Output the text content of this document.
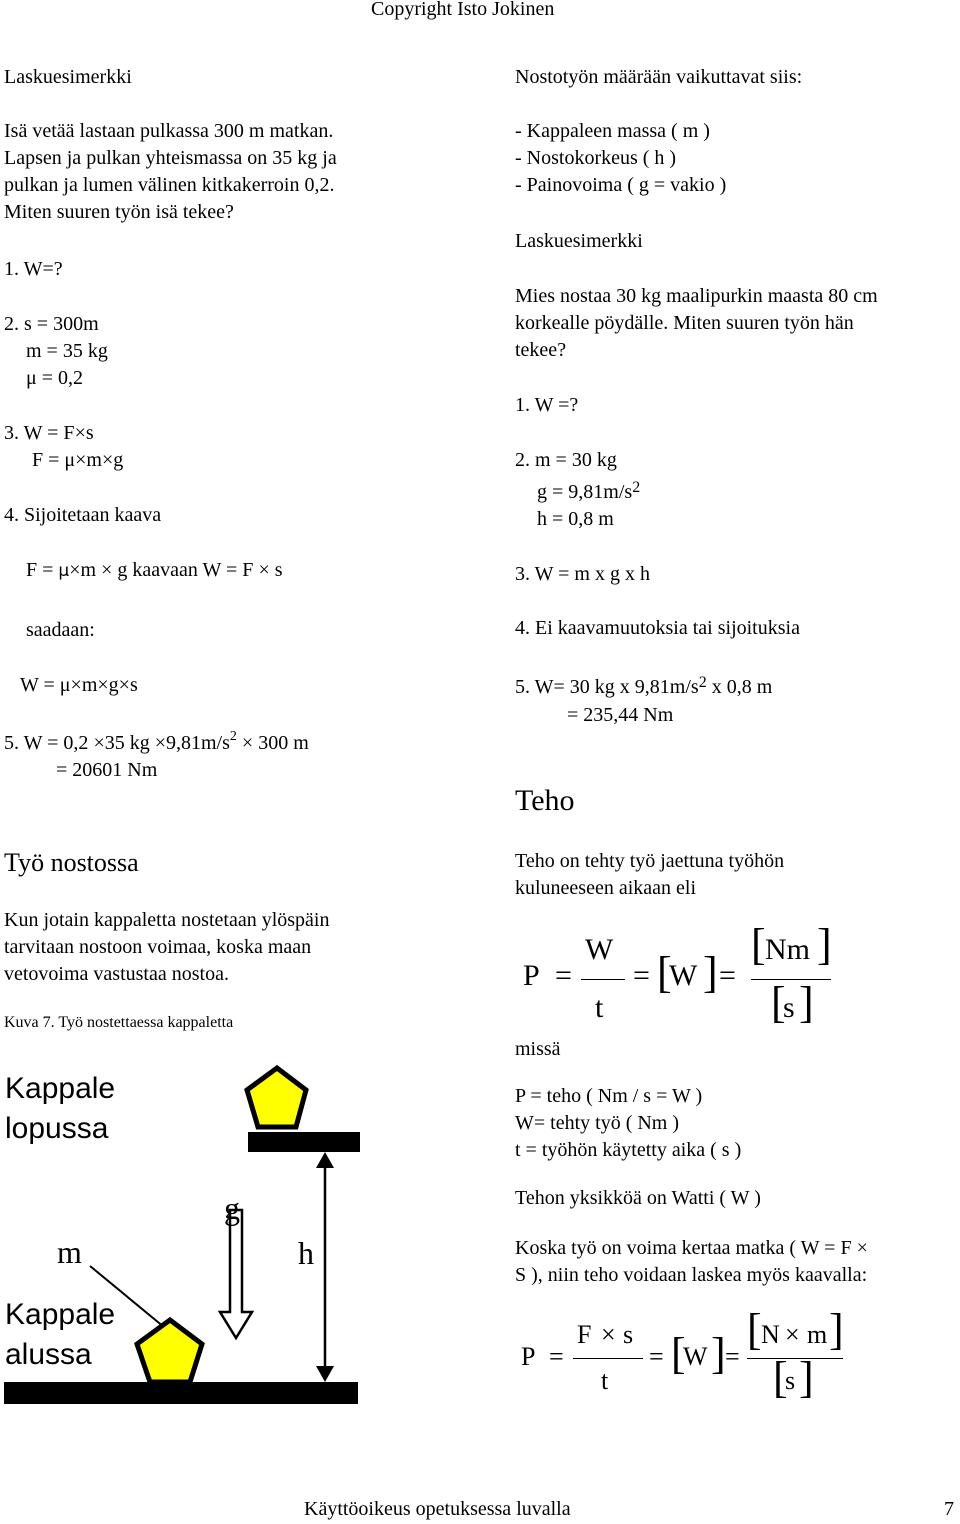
Copyright Isto Jokinen
Laskuesimerkki
Isä vetää lastaan pulkassa 300 m matkan.
Lapsen ja pulkan yhteismassa on 35 kg ja
pulkan ja lumen välinen kitkakerroin 0,2.
Miten suuren työn isä tekee?
1. W=?
2. s = 300m
m = 35 kg
μ = 0,2
3. W = F×s
F = μ×m×g
4. Sijoitetaan kaava
F = μ×m × g kaavaan W = F × s
saadaan:
W = μ×m×g×s
5. W = 0,2 ×35 kg $\times 9,81m/s^2 \times 300$ m
= 20601 Nm
Työ nostossa
Kun jotain kappaletta nostetaan ylöspäin
tarvitaan nostoon voimaa, koska maan
vetovoima vastustaa nostoa.
Kuva 7. Työ nostettaessa kappaletta
Kappale
lopussa
Kappale
alussa
m
g
h
Nostotyön määrään vaikuttavat siis:
- Kappaleen massa ( m )
- Nostokorkeus ( h )
- Painovoima ( g = vakio )
Laskuesimerkki
Mies nostaa 30 kg maalipurkin maasta 80 cm
korkealle pöydälle. Miten suuren työn hän
tekee?
1. W =?
2. m = 30 kg
$g = 9,81m/s^2$
h = 0,8 m
3. W = m x g x h
4. Ei kaavamuutoksia tai sijoituksia
5. W= 30 kg x $9,81m/s^2$ x 0,8 m
= 235,44 Nm
Teho
Teho on tehty työ jaettuna työhön
kuluneeseen aikaan eli
P =
W
t
= [
W ] =
[ Nm ]
[
s ]
missä
P = teho ( Nm / s = W )
W= tehty työ ( Nm )
t = työhön käytetty aika ( s )
Tehon yksikköä on Watti ( W )
Koska työ on voima kertaa matka ( W = F ×
S ), niin teho voidaan laskea myös kaavalla:
P =
F × s
t
= [
W ] =
[ N × m ]
[
s ]
Käyttöoikeus opetuksessa luvalla	7
